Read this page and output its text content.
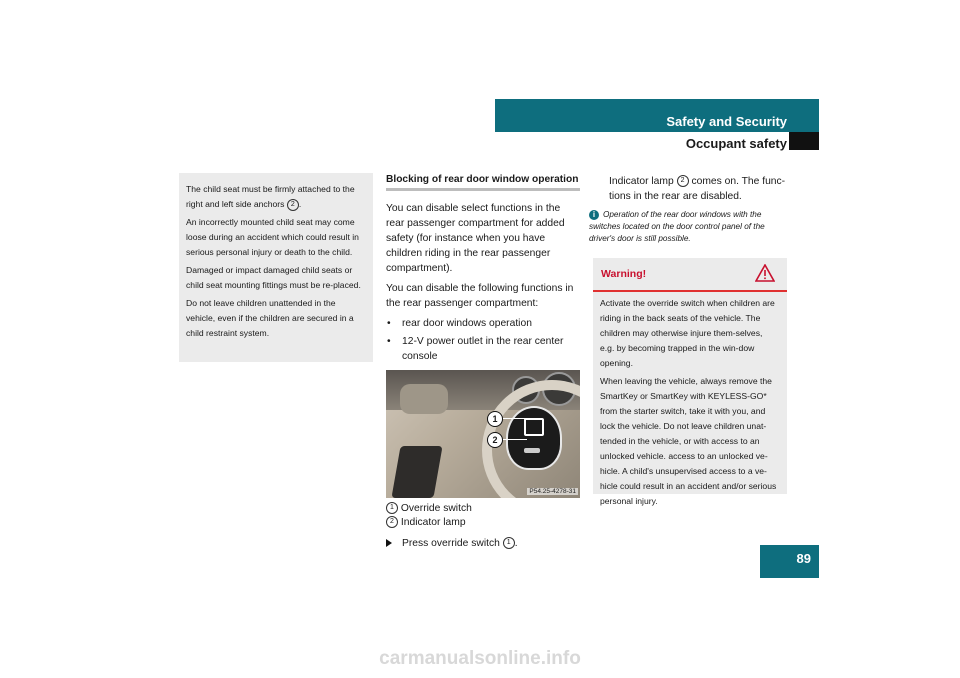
Safety and Security
Occupant safety

The child seat must be firmly attached to the right and left side anchors 2 .

An incorrectly mounted child seat may come loose during an accident which could result in serious personal injury or death to the child.

Damaged or impact damaged child seats or child seat mounting fittings must be re-placed.

Do not leave children unattended in the vehicle, even if the children are secured in a child restraint system.

Blocking of rear door window operation

You can disable select functions in the rear passenger compartment for added safety (for instance when you have children riding in the rear passenger compartment).

You can disable the following functions in the rear passenger compartment:

• rear door windows operation
• 12-V power outlet in the rear center console
1
2
P54.25-4278-31
1 Override switch
2 Indicator lamp
Press override switch 1 .

Indicator lamp 2 comes on. The func-tions in the rear are disabled.

i Operation of the rear door windows with the switches located on the door control panel of the driver's door is still possible.
Warning!

Activate the override switch when children are riding in the back seats of the vehicle. The children may otherwise injure them-selves, e.g. by becoming trapped in the win-dow opening.

When leaving the vehicle, always remove the SmartKey or SmartKey with KEYLESS-GO* from the starter switch, take it with you, and lock the vehicle. Do not leave children unat-tended in the vehicle, or with access to an unlocked vehicle. access to an unlocked ve-hicle. A child's unsupervised access to a ve-hicle could result in an accident and/or serious personal injury.

89
carmanualsonline.info
